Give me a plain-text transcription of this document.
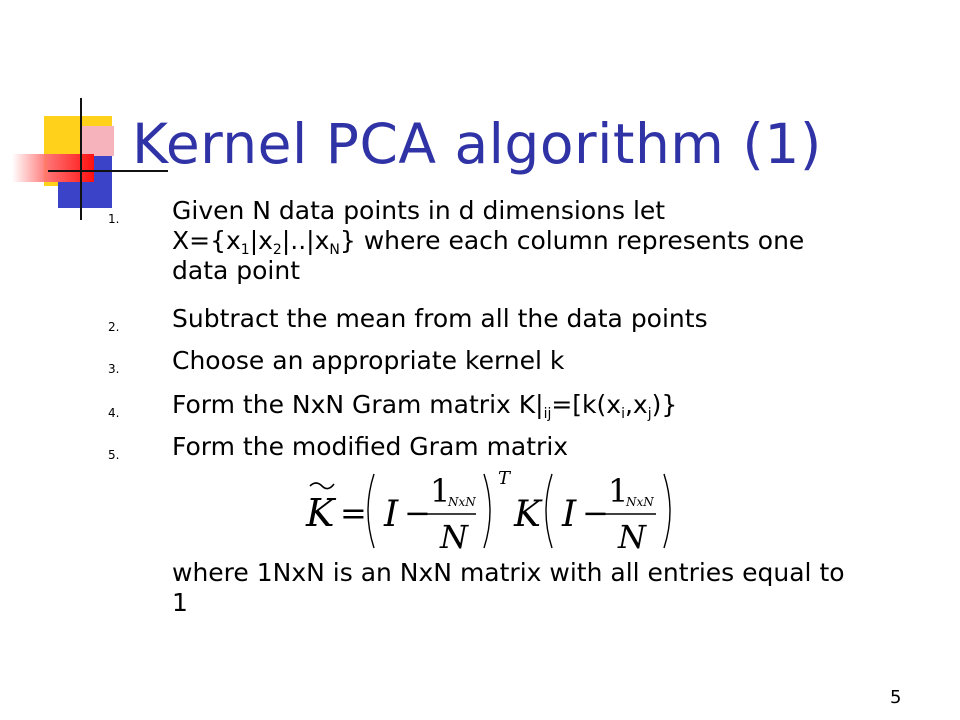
Kernel PCA algorithm (1)
1. Given N data points in d dimensions let
$X=\{x_1|x_2|..|x_N\}$ where each column represents one
data point
2. Subtract the mean from all the data points
3. Choose an appropriate kernel k
4. Form the NxN Gram matrix $K|_{ij}=[k(x_i,x_j)\}$
5. Form the modified Gram matrix
where 1NxN is an NxN matrix with all entries equal to
1
K = I −
1
NxN
N
T
K I −
1
NxN
N
5
